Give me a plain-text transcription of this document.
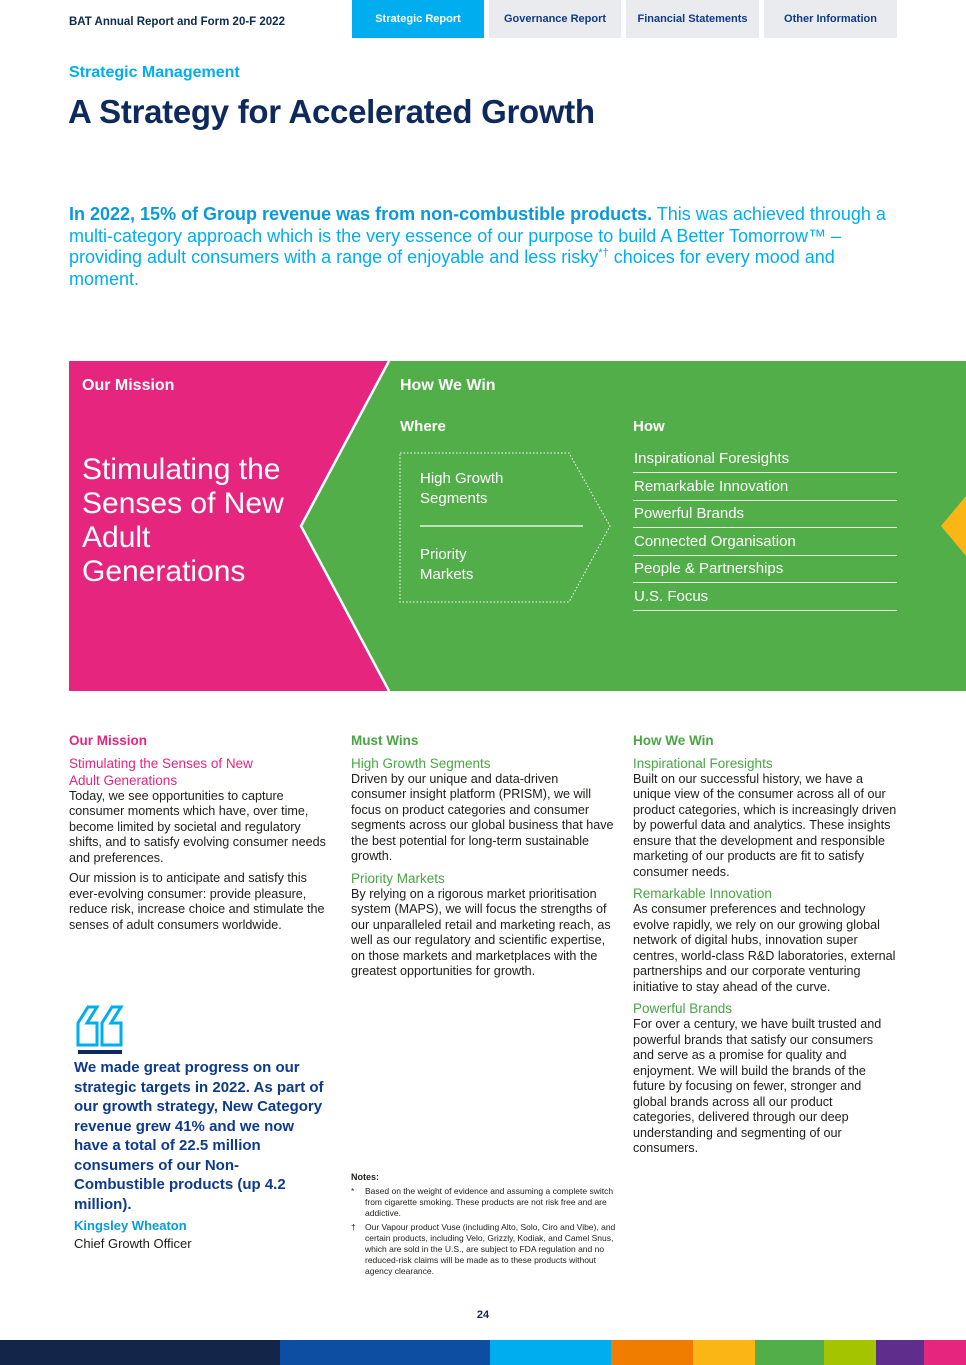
BAT Annual Report and Form 20-F 2022	Strategic Report	Governance Report	Financial Statements	Other Information
Strategic Management
A Strategy for Accelerated Growth
In 2022, 15% of Group revenue was from non-combustible products. This was achieved through a multi-category approach which is the very essence of our purpose to build A Better Tomorrow™ – providing adult consumers with a range of enjoyable and less risky*† choices for every mood and moment.
Our Mission
Stimulating the Senses of New Adult Generations
How We Win
Where	How
High Growth Segments
Priority Markets
Inspirational Foresights
Remarkable Innovation
Powerful Brands
Connected Organisation
People & Partnerships
U.S. Focus
Our Mission
Stimulating the Senses of New Adult Generations

Today, we see opportunities to capture consumer moments which have, over time, become limited by societal and regulatory shifts, and to satisfy evolving consumer needs and preferences.

Our mission is to anticipate and satisfy this ever-evolving consumer: provide pleasure, reduce risk, increase choice and stimulate the senses of adult consumers worldwide.

Must Wins
High Growth Segments

Driven by our unique and data-driven consumer insight platform (PRISM), we will focus on product categories and consumer segments across our global business that have the best potential for long-term sustainable growth.

Priority Markets

By relying on a rigorous market prioritisation system (MAPS), we will focus the strengths of our unparalleled retail and marketing reach, as well as our regulatory and scientific expertise, on those markets and marketplaces with the greatest opportunities for growth.

How We Win
Inspirational Foresights

Built on our successful history, we have a unique view of the consumer across all of our product categories, which is increasingly driven by powerful data and analytics. These insights ensure that the development and responsible marketing of our products are fit to satisfy consumer needs.

Remarkable Innovation

As consumer preferences and technology evolve rapidly, we rely on our growing global network of digital hubs, innovation super centres, world-class R&D laboratories, external partnerships and our corporate venturing initiative to stay ahead of the curve.

Powerful Brands

For over a century, we have built trusted and powerful brands that satisfy our consumers and serve as a promise for quality and enjoyment. We will build the brands of the future by focusing on fewer, stronger and global brands across all our product categories, delivered through our deep understanding and segmenting of our consumers.

We made great progress on our strategic targets in 2022. As part of our growth strategy, New Category revenue grew 41% and we now have a total of 22.5 million consumers of our Non-Combustible products (up 4.2 million).
Kingsley Wheaton
Chief Growth Officer
Notes:
*	Based on the weight of evidence and assuming a complete switch from cigarette smoking. These products are not risk free and are addictive.
†	Our Vapour product Vuse (including Alto, Solo, Ciro and Vibe), and certain products, including Velo, Grizzly, Kodiak, and Camel Snus, which are sold in the U.S., are subject to FDA regulation and no reduced-risk claims will be made as to these products without agency clearance.
24
